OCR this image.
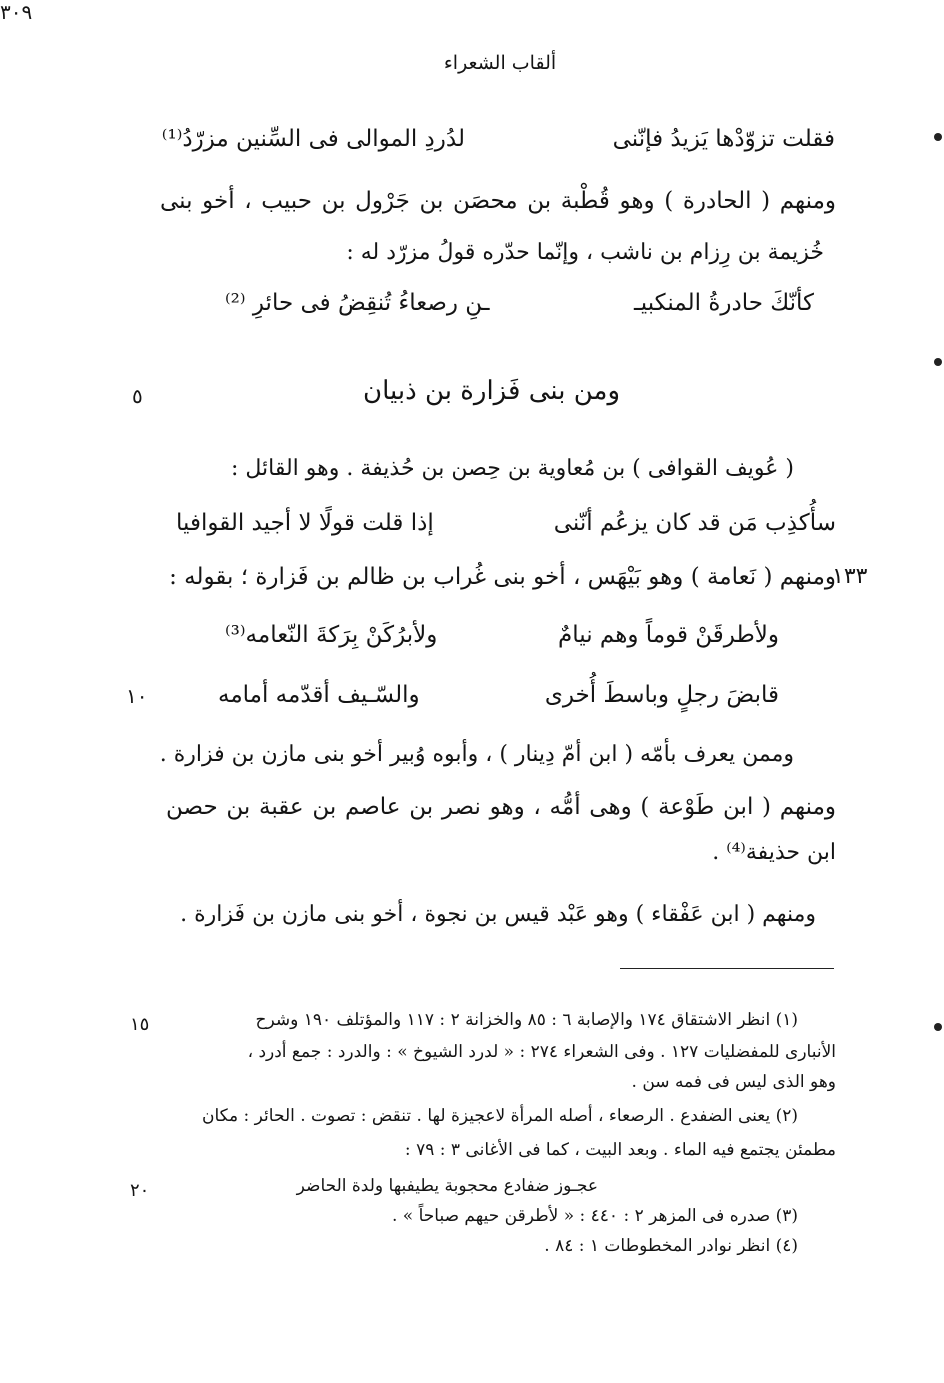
ألقاب الشعراء
٣٠٩
فقلت تزوّدْها يَزيدُ فإنّنى
لدُردِ الموالى فى السِّنين مزرّدُ⁽¹⁾
ومنهم ( الحادرة ) وهو قُطْبة بن محصَن بن جَرْول بن حبيب ، أخو بنى
خُزيمة بن رِزام بن ناشب ، وإنّما حدّره قولُ مزرّد له :
كأنّكَ حادرةُ المنكبيـ
ـنِ رصعاءُ تُنقِضُ فى حائرِ ⁽²⁾
ومن بنى فَزارة بن ذبيان
٥
( عُويف القوافى ) بن مُعاوية بن حِصن بن حُذيفة . وهو القائل :
سأُكذِب مَن قد كان يزعُم أنّنى
إذا قلت قولًا لا أجيد القوافيا
ومنهم ( نَعامة ) وهو بَيْهَس ، أخو بنى غُراب بن ظالم بن فَزارة ؛ بقوله :
١٣٣
ولأطرقَنْ قوماً وهم نيامٌ
ولأبرُكَنْ بِرَكةَ النّعامه⁽³⁾
قابضَ رجلٍ وباسطَ أُخرى
والسّـيف أقدّمه أمامه
١٠
وممن يعرف بأمّه ( ابن أمّ دِينار ) ، وأبوه وُبير أخو بنى مازن بن فزارة .
ومنهم ( ابن طَوْعة ) وهى أمُّه ، وهو نصر بن عاصم بن عقبة بن حصن
ابن حذيفة⁽⁴⁾ .
ومنهم ( ابن عَفْقاء ) وهو عَبْد قيس بن نجوة ، أخو بنى مازن بن فَزارة .
(١) انظر الاشتقاق ١٧٤ والإصابة ٦ : ٨٥ والخزانة ٢ : ١١٧ والمؤتلف ١٩٠ وشرح
١٥
الأنبارى للمفضليات ١٢٧ . وفى الشعراء ٢٧٤ : « لدرد الشيوخ » : والدرد : جمع أدرد ،
وهو الذى ليس فى فمه سن .
(٢) يعنى الضفدع . الرصعاء ، أصله المرأة لاعجيزة لها . تنقض : تصوت . الحائر : مكان
مطمئن يجتمع فيه الماء . وبعد البيت ، كما فى الأغانى ٣ : ٧٩ :
عجـوز ضفادع محجوبة يطيفبها ولدة الحاضر
٢٠
(٣) صدره فى المزهر ٢ : ٤٤٠ : « لأطرقن حيهم صباحاً » .
(٤) انظر نوادر المخطوطات ١ : ٨٤ .
